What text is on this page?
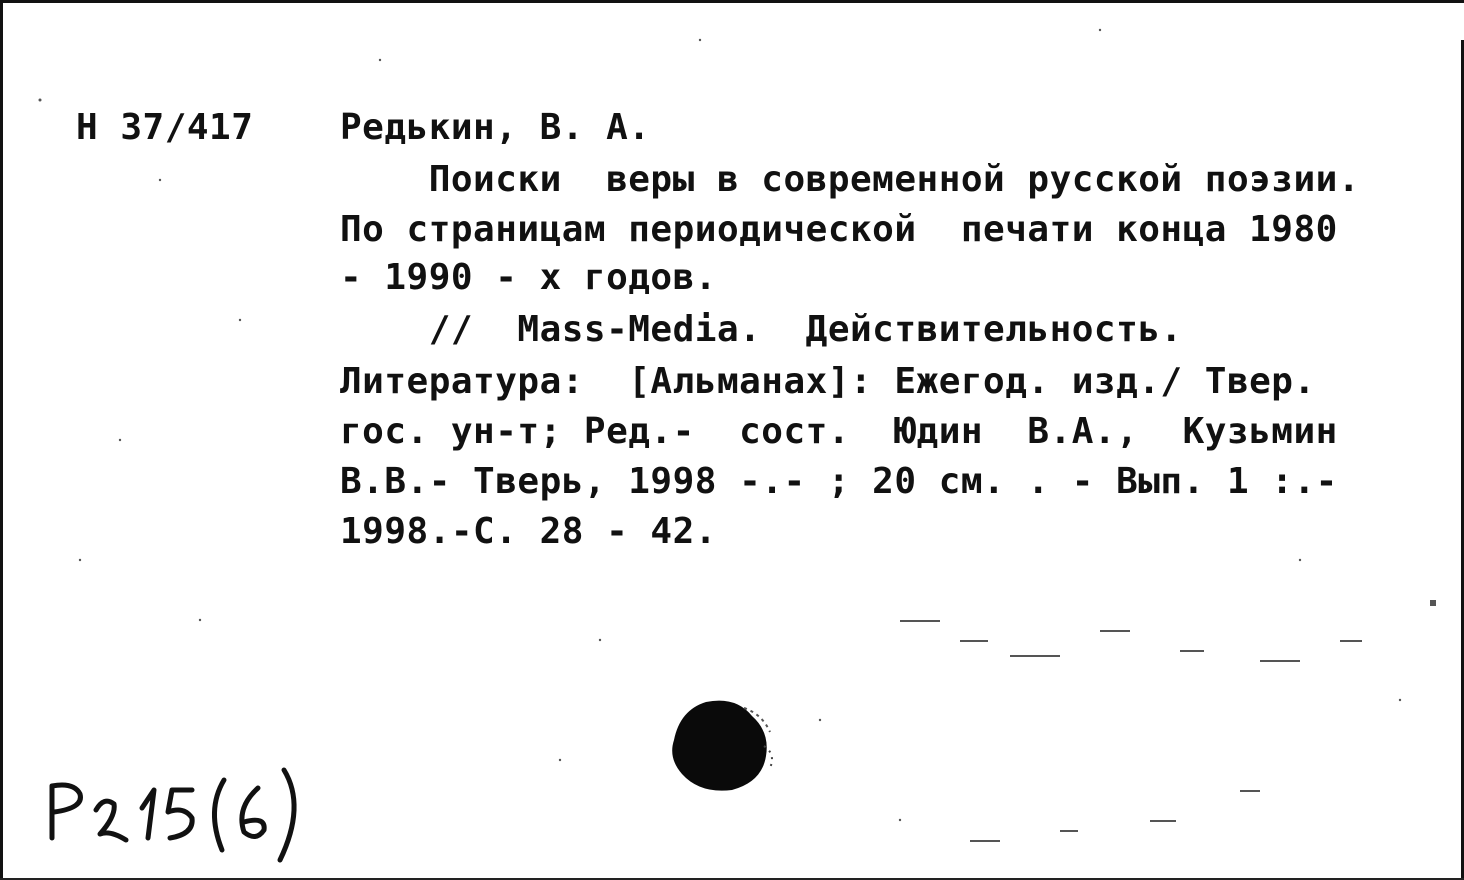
H 37/417 Редькин, В. А.
Поиски  веры в современной русской поэзии.
По страницам периодической  печати конца 1980
- 1990 - х годов.
//  Mass-Media.  Действительность.
Литература:  [Альманах]: Ежегод. изд./ Твер.
гос. ун-т; Ред.-  сост.  Юдин  В.А.,  Кузьмин
В.В.- Тверь, 1998 -.- ; 20 см. . - Вып. 1 :.-
1998.-С. 28 - 42.
